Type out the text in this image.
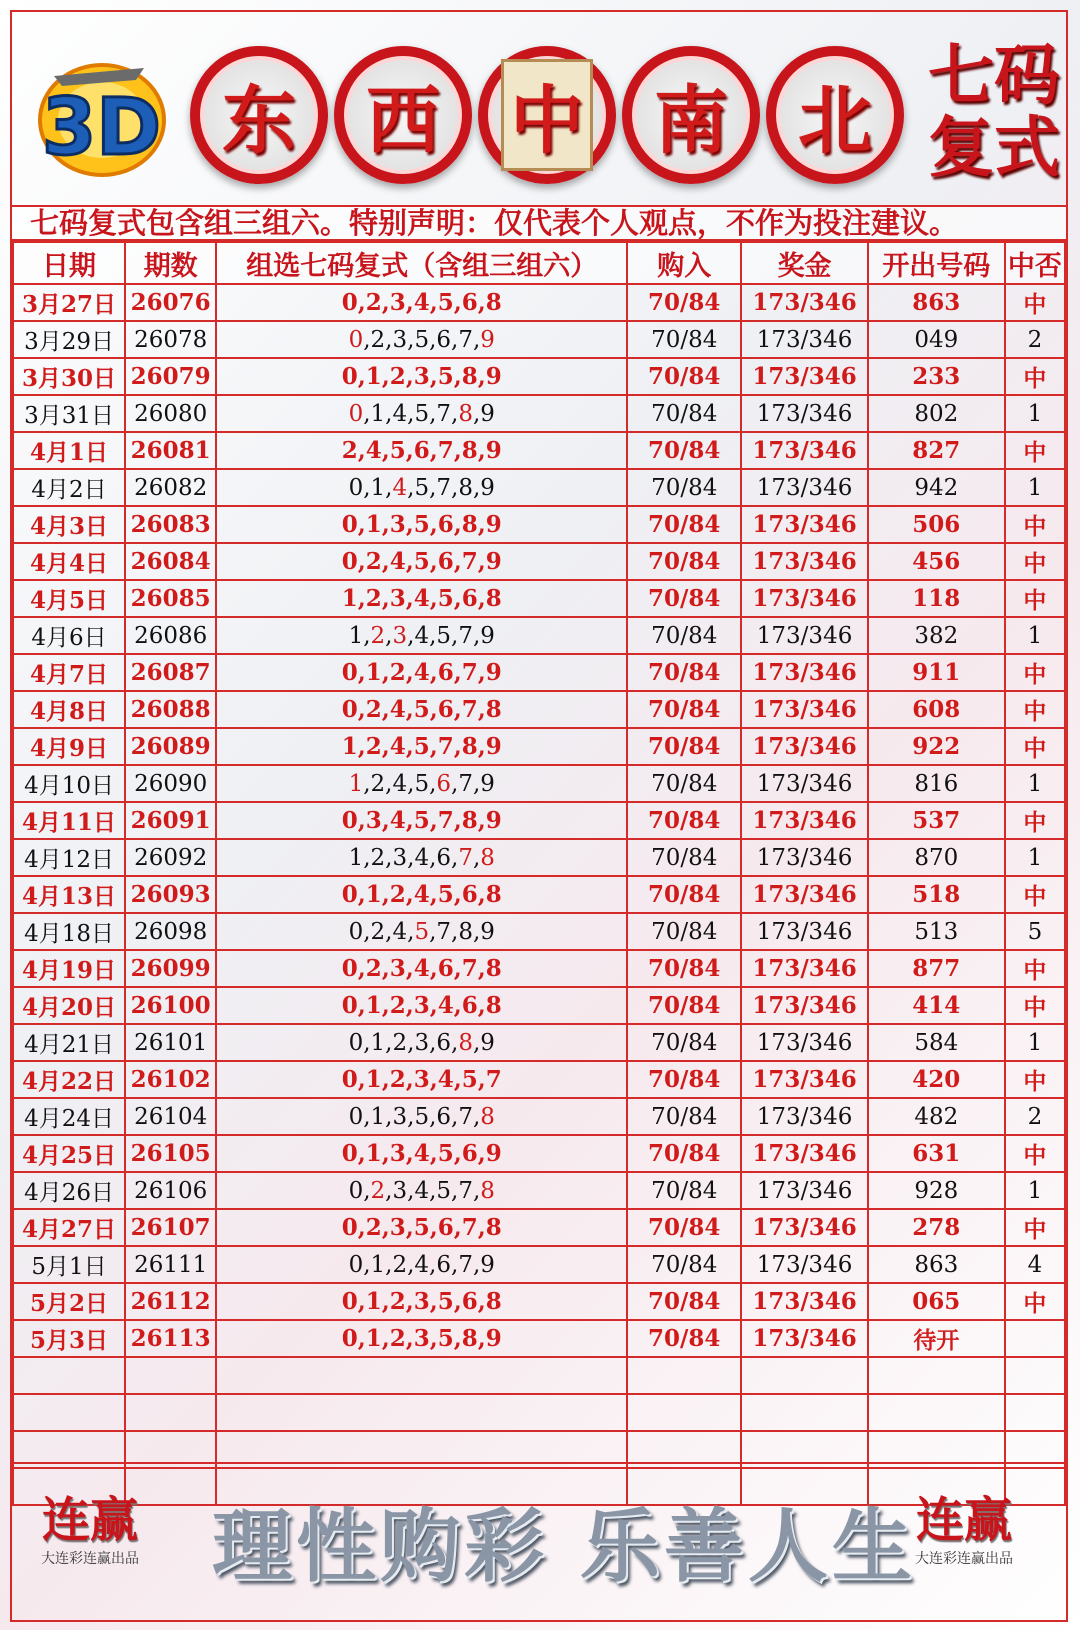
3D 东 西 中 南 北
七码
复式
七码复式包含组三组六。特别声明：仅代表个人观点，不作为投注建议。
日期	期数	组选七码复式（含组三组六）	购入	奖金	开出号码	中否
3月27日	26076	0,2,3,4,5,6,8	70/84	173/346	863	中
3月29日	26078	0,2,3,5,6,7,9	70/84	173/346	049	2
3月30日	26079	0,1,2,3,5,8,9	70/84	173/346	233	中
3月31日	26080	0,1,4,5,7,8,9	70/84	173/346	802	1
4月1日	26081	2,4,5,6,7,8,9	70/84	173/346	827	中
4月2日	26082	0,1,4,5,7,8,9	70/84	173/346	942	1
4月3日	26083	0,1,3,5,6,8,9	70/84	173/346	506	中
4月4日	26084	0,2,4,5,6,7,9	70/84	173/346	456	中
4月5日	26085	1,2,3,4,5,6,8	70/84	173/346	118	中
4月6日	26086	1,2,3,4,5,7,9	70/84	173/346	382	1
4月7日	26087	0,1,2,4,6,7,9	70/84	173/346	911	中
4月8日	26088	0,2,4,5,6,7,8	70/84	173/346	608	中
4月9日	26089	1,2,4,5,7,8,9	70/84	173/346	922	中
4月10日	26090	1,2,4,5,6,7,9	70/84	173/346	816	1
4月11日	26091	0,3,4,5,7,8,9	70/84	173/346	537	中
4月12日	26092	1,2,3,4,6,7,8	70/84	173/346	870	1
4月13日	26093	0,1,2,4,5,6,8	70/84	173/346	518	中
4月18日	26098	0,2,4,5,7,8,9	70/84	173/346	513	5
4月19日	26099	0,2,3,4,6,7,8	70/84	173/346	877	中
4月20日	26100	0,1,2,3,4,6,8	70/84	173/346	414	中
4月21日	26101	0,1,2,3,6,8,9	70/84	173/346	584	1
4月22日	26102	0,1,2,3,4,5,7	70/84	173/346	420	中
4月24日	26104	0,1,3,5,6,7,8	70/84	173/346	482	2
4月25日	26105	0,1,3,4,5,6,9	70/84	173/346	631	中
4月26日	26106	0,2,3,4,5,7,8	70/84	173/346	928	1
4月27日	26107	0,2,3,5,6,7,8	70/84	173/346	278	中
5月1日	26111	0,1,2,4,6,7,9	70/84	173/346	863	4
5月2日	26112	0,1,2,3,5,6,8	70/84	173/346	065	中
5月3日	26113	0,1,2,3,5,8,9	70/84	173/346	待开	

连赢
大连彩连赢出品 理性购彩 乐善人生 连赢
大连彩连赢出品
